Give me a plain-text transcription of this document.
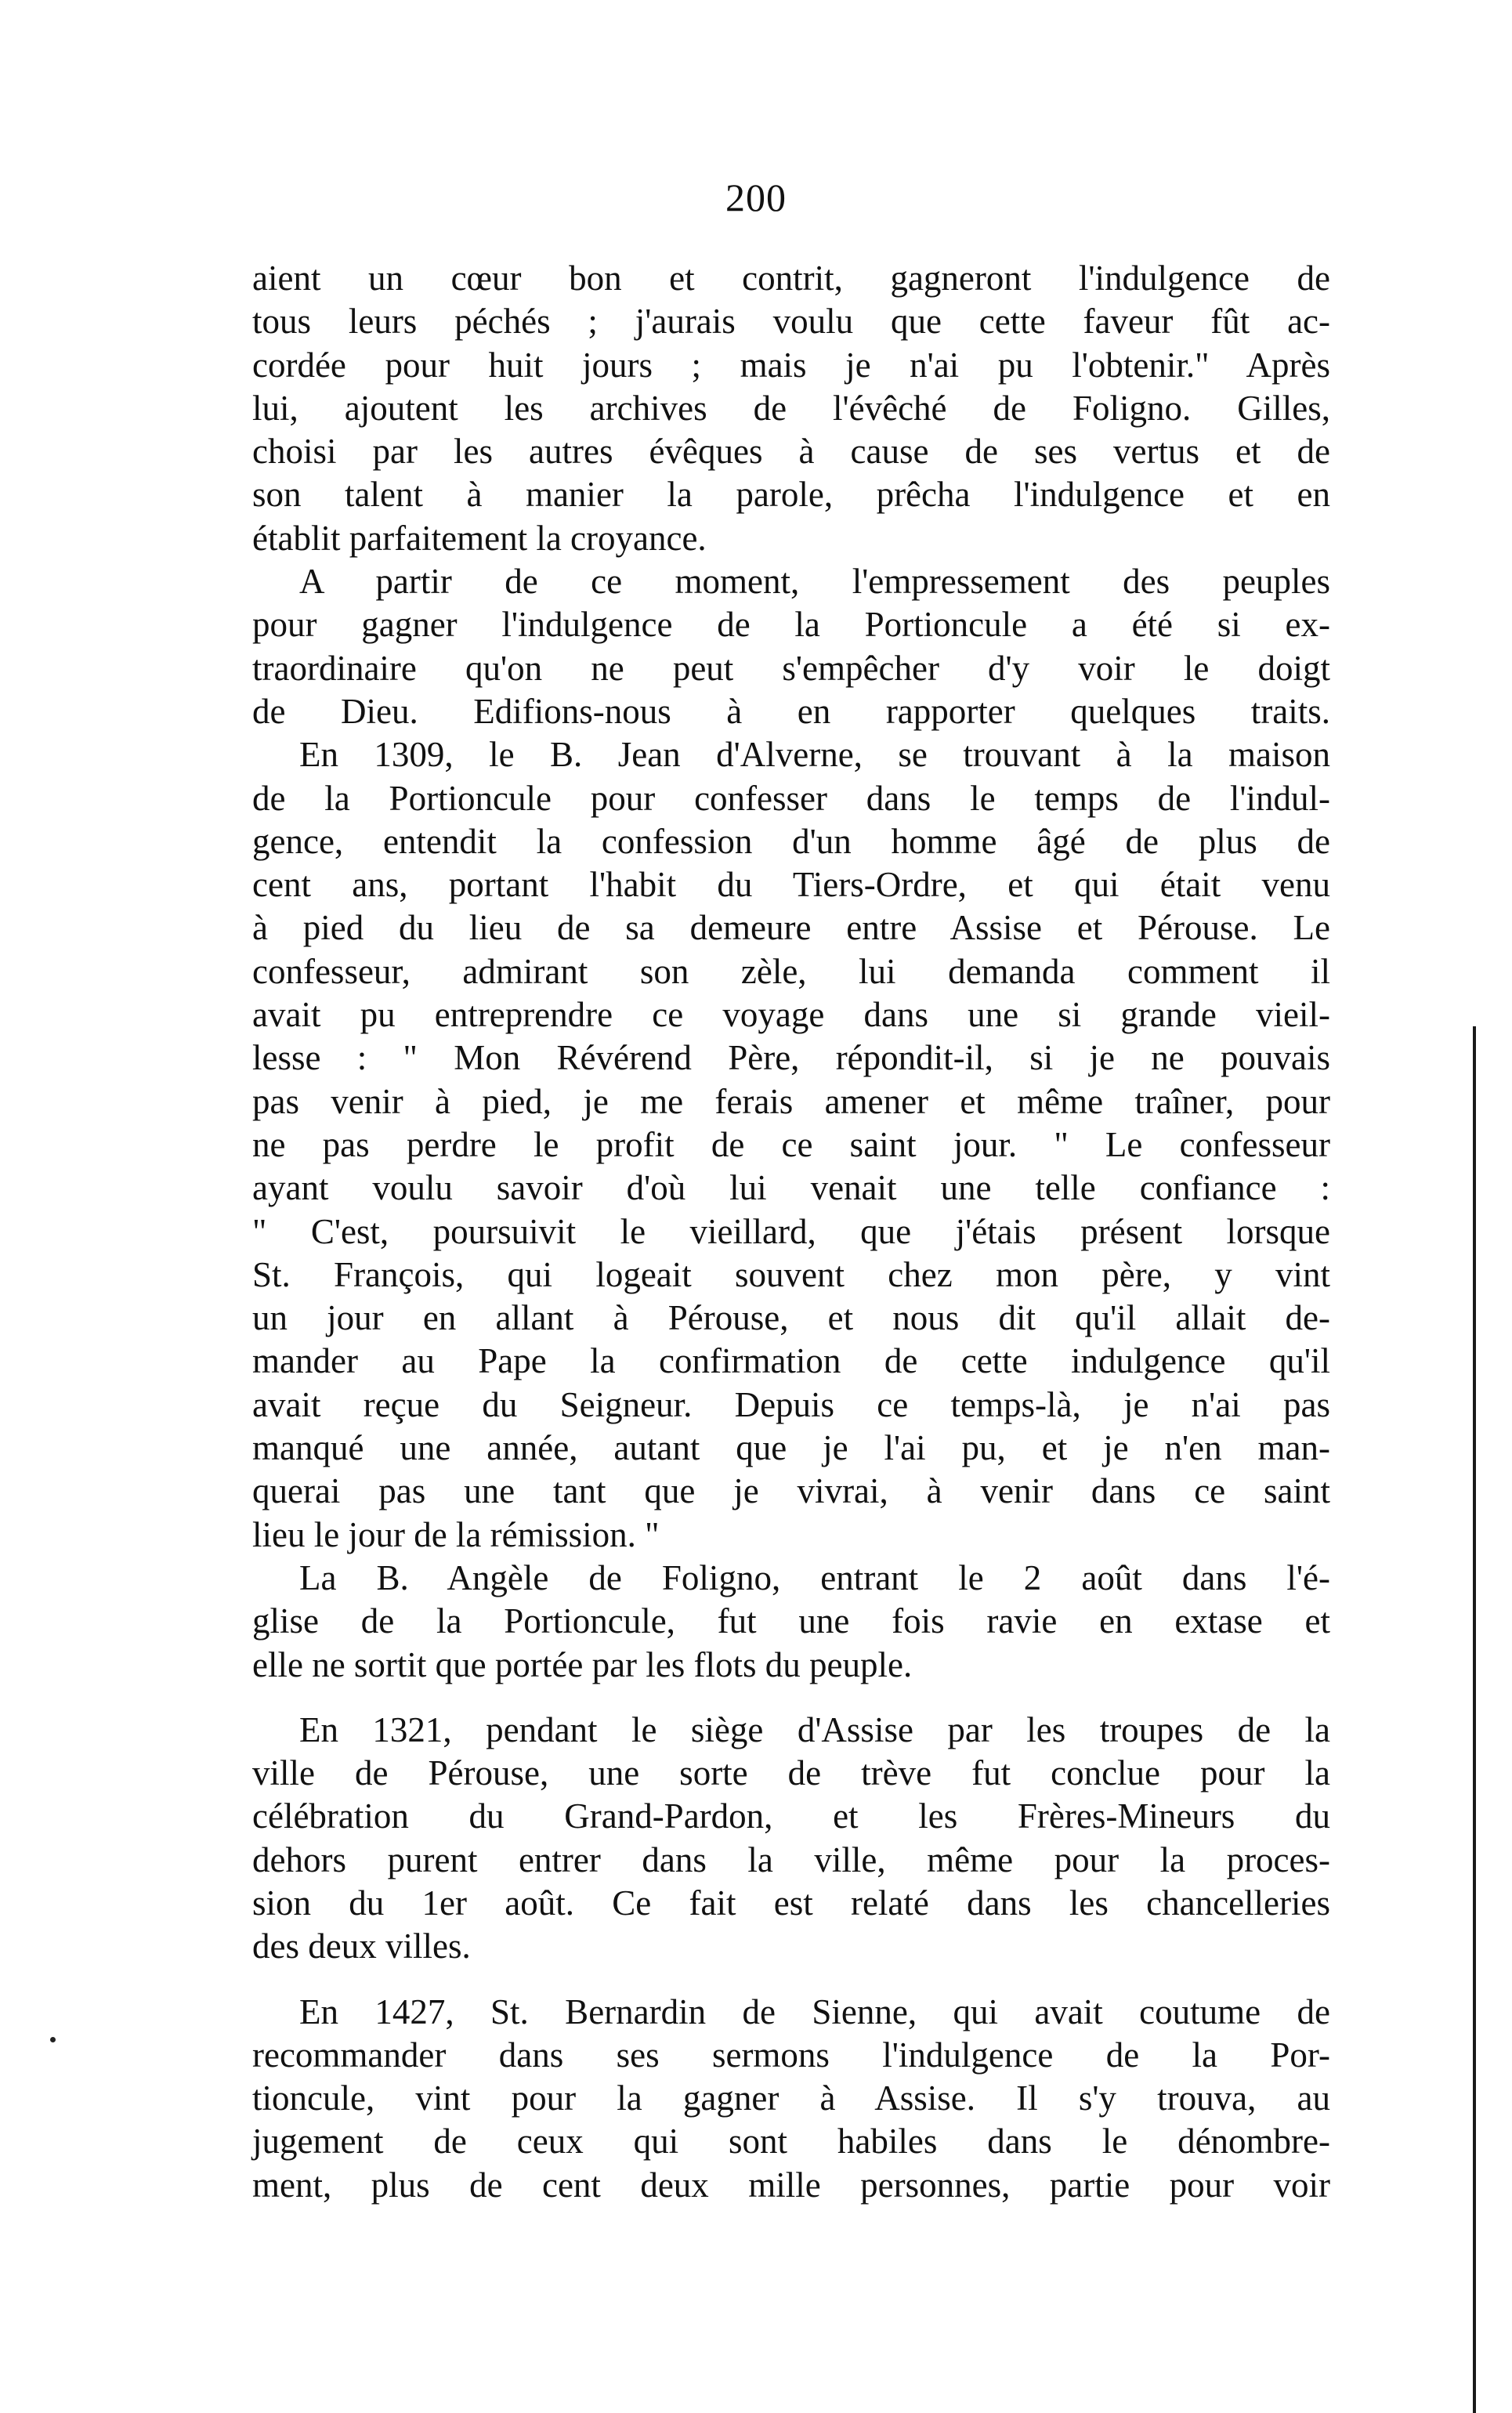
200
aient un cœur bon et contrit, gagneront l'indulgence de
tous leurs péchés ; j'aurais voulu que cette faveur fût ac-
cordée pour huit jours ; mais je n'ai pu l'obtenir." Après
lui, ajoutent les archives de l'évêché de Foligno. Gilles,
choisi par les autres évêques à cause de ses vertus et de
son talent à manier la parole, prêcha l'indulgence et en
établit parfaitement la croyance.
A partir de ce moment, l'empressement des peuples
pour gagner l'indulgence de la Portioncule a été si ex-
traordinaire qu'on ne peut s'empêcher d'y voir le doigt
de Dieu. Edifions-nous à en rapporter quelques traits.
En 1309, le B. Jean d'Alverne, se trouvant à la maison
de la Portioncule pour confesser dans le temps de l'indul-
gence, entendit la confession d'un homme âgé de plus de
cent ans, portant l'habit du Tiers-Ordre, et qui était venu
à pied du lieu de sa demeure entre Assise et Pérouse. Le
confesseur, admirant son zèle, lui demanda comment il
avait pu entreprendre ce voyage dans une si grande vieil-
lesse : " Mon Révérend Père, répondit-il, si je ne pouvais
pas venir à pied, je me ferais amener et même traîner, pour
ne pas perdre le profit de ce saint jour. " Le confesseur
ayant voulu savoir d'où lui venait une telle confiance :
" C'est, poursuivit le vieillard, que j'étais présent lorsque
St. François, qui logeait souvent chez mon père, y vint
un jour en allant à Pérouse, et nous dit qu'il allait de-
mander au Pape la confirmation de cette indulgence qu'il
avait reçue du Seigneur. Depuis ce temps-là, je n'ai pas
manqué une année, autant que je l'ai pu, et je n'en man-
querai pas une tant que je vivrai, à venir dans ce saint
lieu le jour de la rémission. "
La B. Angèle de Foligno, entrant le 2 août dans l'é-
glise de la Portioncule, fut une fois ravie en extase et
elle ne sortit que portée par les flots du peuple.
En 1321, pendant le siège d'Assise par les troupes de la
ville de Pérouse, une sorte de trève fut conclue pour la
célébration du Grand-Pardon, et les Frères-Mineurs du
dehors purent entrer dans la ville, même pour la proces-
sion du 1er août. Ce fait est relaté dans les chancelleries
des deux villes.
En 1427, St. Bernardin de Sienne, qui avait coutume de
recommander dans ses sermons l'indulgence de la Por-
tioncule, vint pour la gagner à Assise. Il s'y trouva, au
jugement de ceux qui sont habiles dans le dénombre-
ment, plus de cent deux mille personnes, partie pour voir
